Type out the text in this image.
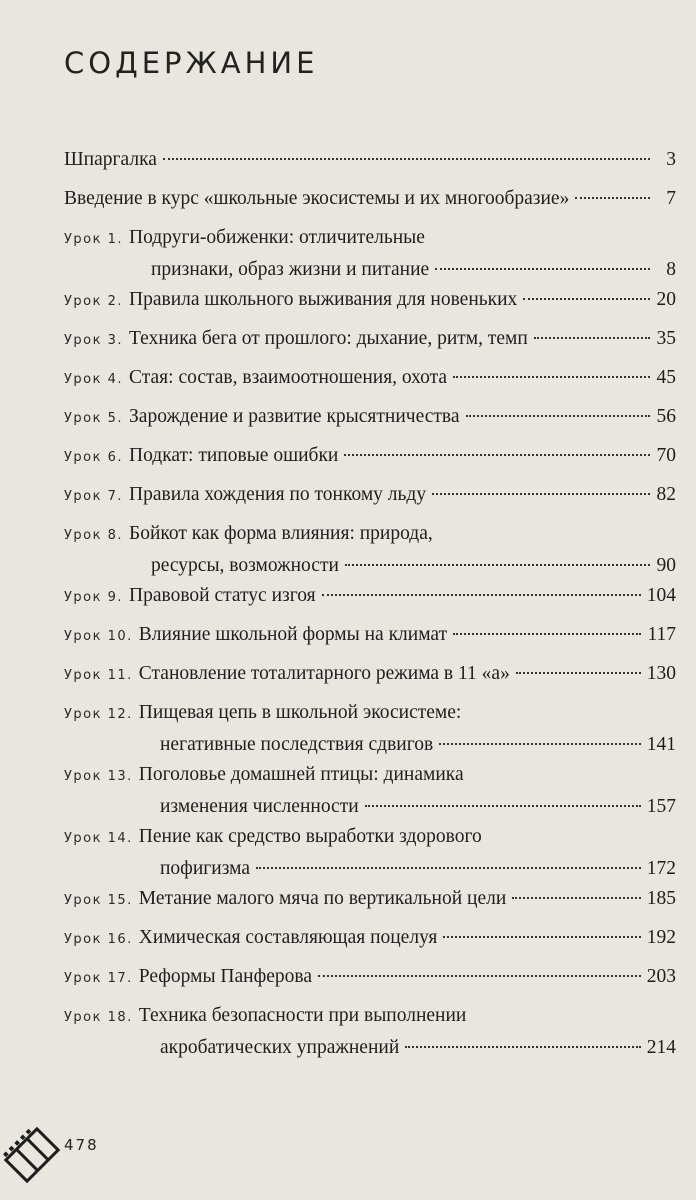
СОДЕРЖАНИЕ
Шпаргалка	3
Введение в курс «школьные экосистемы и их многообразие»	7
Урок 1. Подруги-обиженки: отличительные
признаки, образ жизни и питание	8
Урок 2. Правила школьного выживания для новеньких	20
Урок 3. Техника бега от прошлого: дыхание, ритм, темп	35
Урок 4. Стая: состав, взаимоотношения, охота	45
Урок 5. Зарождение и развитие крысятничества	56
Урок 6. Подкат: типовые ошибки	70
Урок 7. Правила хождения по тонкому льду	82
Урок 8. Бойкот как форма влияния: природа,
ресурсы, возможности	90
Урок 9. Правовой статус изгоя	104
Урок 10. Влияние школьной формы на климат	117
Урок 11. Становление тоталитарного режима в 11 «а»	130
Урок 12. Пищевая цепь в школьной экосистеме:
негативные последствия сдвигов	141
Урок 13. Поголовье домашней птицы: динамика
изменения численности	157
Урок 14. Пение как средство выработки здорового
пофигизма	172
Урок 15. Метание малого мяча по вертикальной цели	185
Урок 16. Химическая составляющая поцелуя	192
Урок 17. Реформы Панферова	203
Урок 18. Техника безопасности при выполнении
акробатических упражнений	214
478
